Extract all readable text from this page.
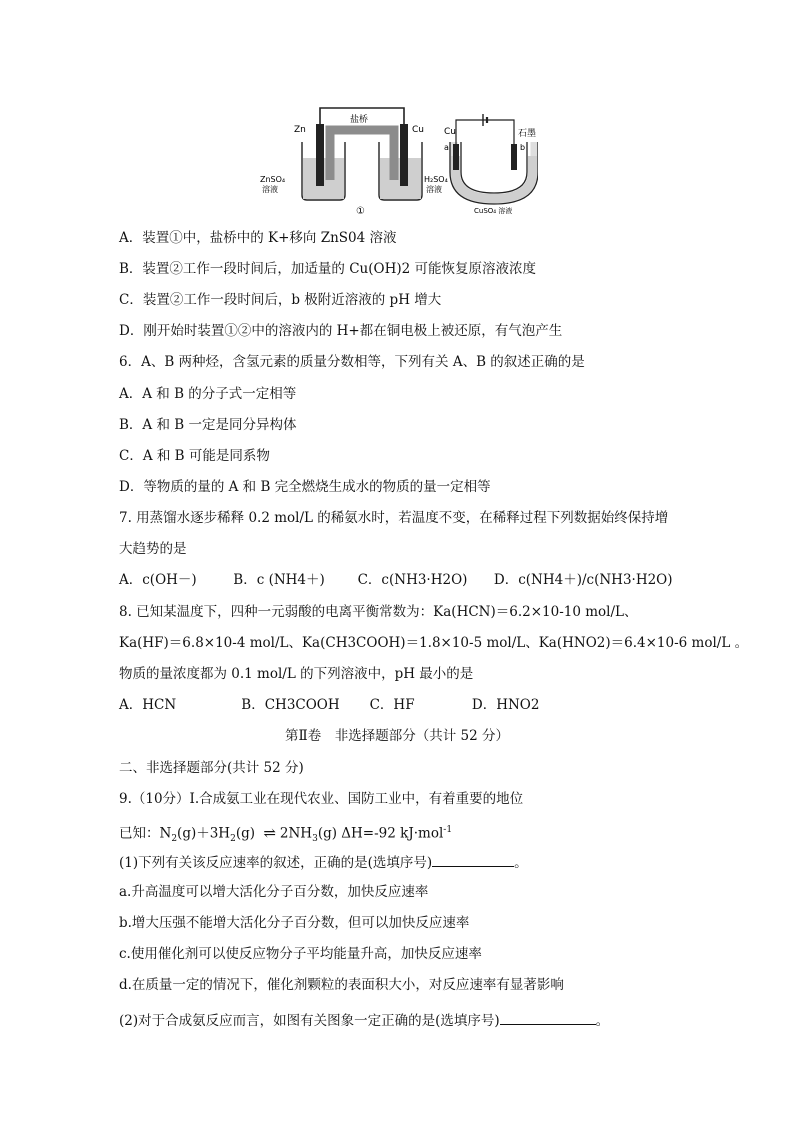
Zn	Cu
盐桥
ZnSO₄
溶液
H₂SO₄
溶液
①
Cu	石墨
a	b
CuSO₄ 溶液
A．装置①中，盐桥中的 K+移向 ZnS04 溶液
B．装置②工作一段时间后，加适量的 Cu(OH)2 可能恢复原溶液浓度
C．装置②工作一段时间后，b 极附近溶液的 pH 增大
D．刚开始时装置①②中的溶液内的 H+都在铜电极上被还原，有气泡产生
6．A、B 两种烃，含氢元素的质量分数相等，下列有关 A、B 的叙述正确的是
A．A 和 B 的分子式一定相等
B．A 和 B 一定是同分异构体
C．A 和 B 可能是同系物
D．等物质的量的 A 和 B 完全燃烧生成水的物质的量一定相等
7. 用蒸馏水逐步稀释 0.2 mol/L 的稀氨水时，若温度不变，在稀释过程下列数据始终保持增
大趋势的是
A．c(OH－)	B．c (NH4＋) C．c(NH3·H2O) D．c(NH4＋)/c(NH3·H2O)
8. 已知某温度下，四种一元弱酸的电离平衡常数为：Ka(HCN)＝6.2×10-10 mol/L、
Ka(HF)＝6.8×10-4 mol/L、Ka(CH3COOH)＝1.8×10-5 mol/L、Ka(HNO2)＝6.4×10-6 mol/L 。
物质的量浓度都为 0.1 mol/L 的下列溶液中，pH 最小的是
A．HCN	B．CH3COOH C．HF	D．HNO2
第Ⅱ卷　非选择题部分（共计 52 分）
二、非选择题部分(共计 52 分)
9.（10分）I.合成氨工业在现代农业、国防工业中，有着重要的地位
已知：$N_2(g)+3H_2(g)$ ⇌ $2NH_3(g)$ ΔH=-92 kJ·mol$^{-1}$
(1)下列有关该反应速率的叙述，正确的是(选填序号)	。
a.升高温度可以增大活化分子百分数，加快反应速率
b.增大压强不能增大活化分子百分数，但可以加快反应速率
c.使用催化剂可以使反应物分子平均能量升高，加快反应速率
d.在质量一定的情况下，催化剂颗粒的表面积大小，对反应速率有显著影响
(2)对于合成氨反应而言，如图有关图象一定正确的是(选填序号)	。
